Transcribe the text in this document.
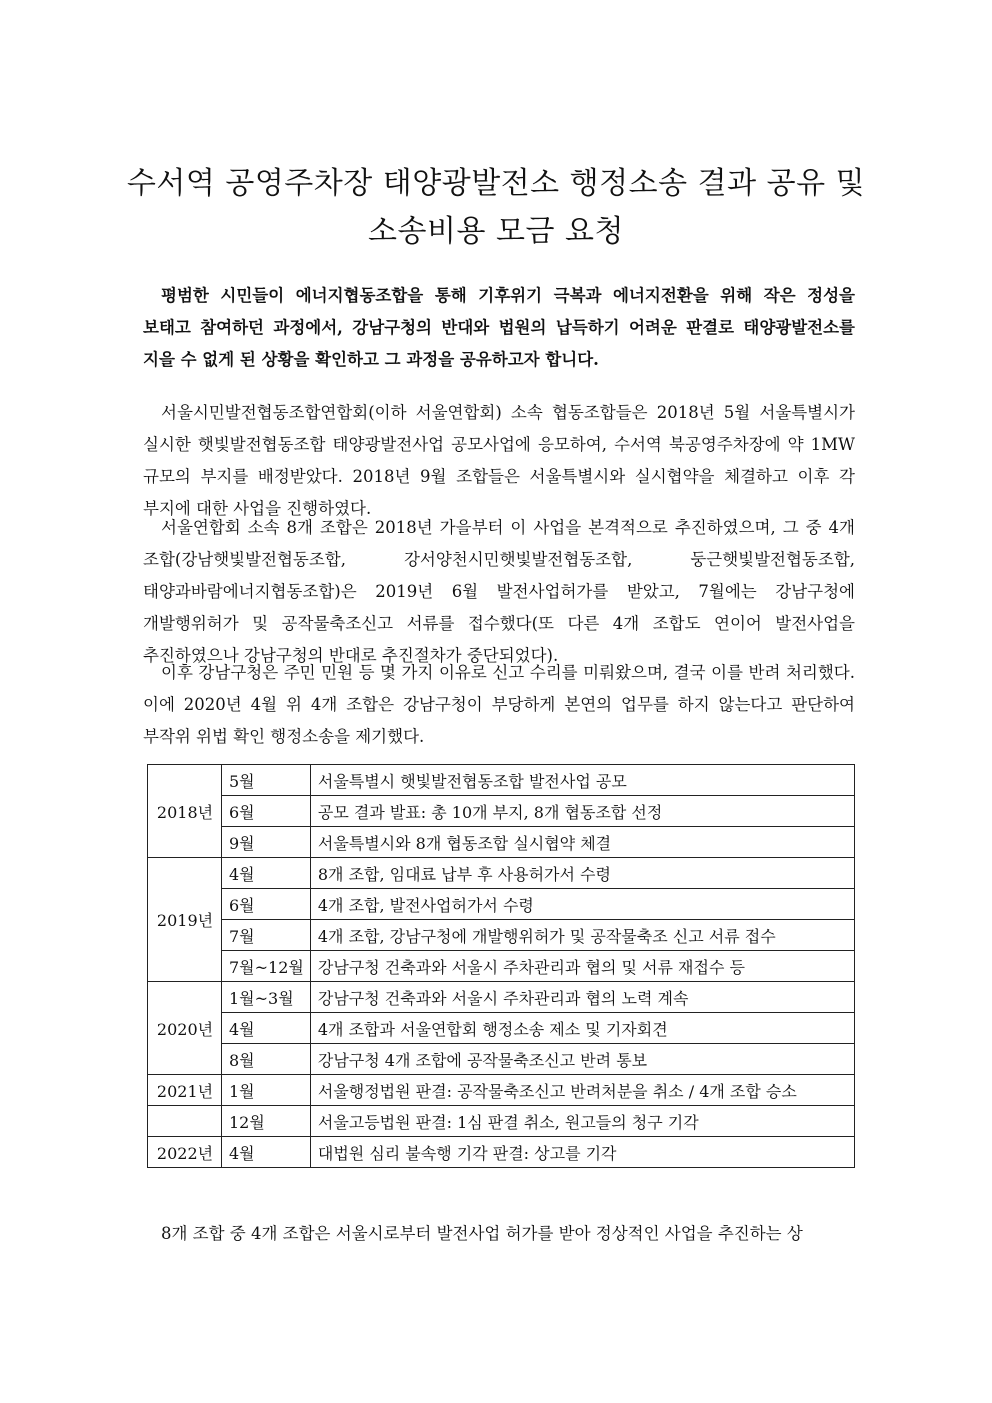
수서역 공영주차장 태양광발전소 행정소송 결과 공유 및
소송비용 모금 요청
평범한 시민들이 에너지협동조합을 통해 기후위기 극복과 에너지전환을 위해 작은 정성을 보태고 참여하던 과정에서, 강남구청의 반대와 법원의 납득하기 어려운 판결로 태양광발전소를 지을 수 없게 된 상황을 확인하고 그 과정을 공유하고자 합니다.
서울시민발전협동조합연합회(이하 서울연합회) 소속 협동조합들은 2018년 5월 서울특별시가 실시한 햇빛발전협동조합 태양광발전사업 공모사업에 응모하여, 수서역 북공영주차장에 약 1MW 규모의 부지를 배정받았다. 2018년 9월 조합들은 서울특별시와 실시협약을 체결하고 이후 각 부지에 대한 사업을 진행하였다.
서울연합회 소속 8개 조합은 2018년 가을부터 이 사업을 본격적으로 추진하였으며, 그 중 4개 조합(강남햇빛발전협동조합, 강서양천시민햇빛발전협동조합, 둥근햇빛발전협동조합, 태양과바람에너지협동조합)은 2019년 6월 발전사업허가를 받았고, 7월에는 강남구청에 개발행위허가 및 공작물축조신고 서류를 접수했다(또 다른 4개 조합도 연이어 발전사업을 추진하였으나 강남구청의 반대로 추진절차가 중단되었다).
이후 강남구청은 주민 민원 등 몇 가지 이유로 신고 수리를 미뤄왔으며, 결국 이를 반려 처리했다. 이에 2020년 4월 위 4개 조합은 강남구청이 부당하게 본연의 업무를 하지 않는다고 판단하여 부작위 위법 확인 행정소송을 제기했다.
2018년	5월	서울특별시 햇빛발전협동조합 발전사업 공모
	6월	공모 결과 발표: 총 10개 부지, 8개 협동조합 선정
	9월	서울특별시와 8개 협동조합 실시협약 체결
2019년	4월	8개 조합, 임대료 납부 후 사용허가서 수령
	6월	4개 조합, 발전사업허가서 수령
	7월	4개 조합, 강남구청에 개발행위허가 및 공작물축조 신고 서류 접수
	7월~12월	강남구청 건축과와 서울시 주차관리과 협의 및 서류 재접수 등
2020년	1월~3월	강남구청 건축과와 서울시 주차관리과 협의 노력 계속
	4월	4개 조합과 서울연합회 행정소송 제소 및 기자회견
	8월	강남구청 4개 조합에 공작물축조신고 반려 통보
2021년	1월	서울행정법원 판결: 공작물축조신고 반려처분을 취소 / 4개 조합 승소
	12월	서울고등법원 판결: 1심 판결 취소, 원고들의 청구 기각
2022년	4월	대법원 심리 불속행 기각 판결: 상고를 기각
8개 조합 중 4개 조합은 서울시로부터 발전사업 허가를 받아 정상적인 사업을 추진하는 상
